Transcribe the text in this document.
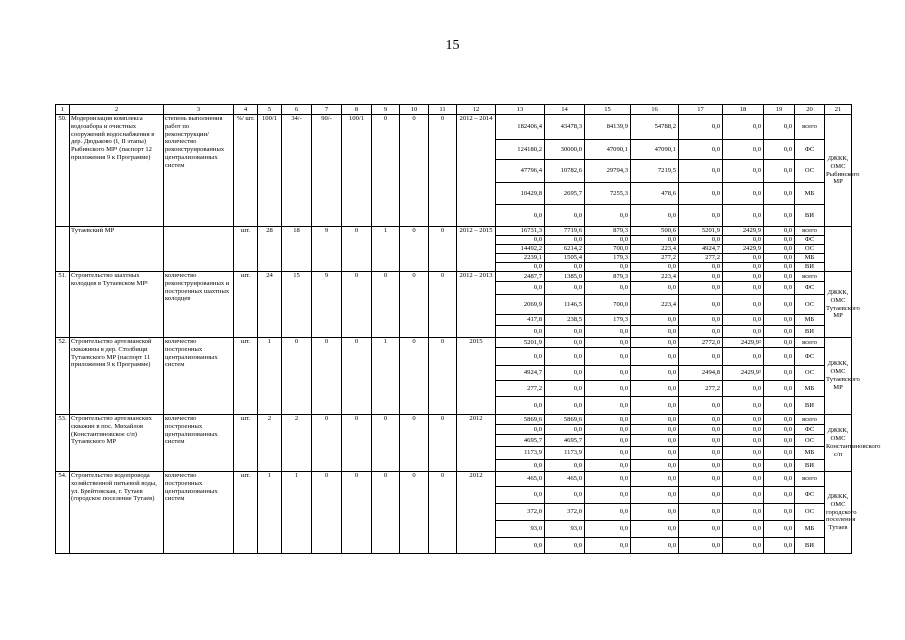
15
1	2	3	4	5	6	7	8	9	10	11	12	13	14	15	16	17	18	19	20	21
50.	Модернизация комплекса водозабора и очистных сооружений водоснабжения в дер. Дюдьково (I, II этапы) Рыбинского МР¹ (паспорт 12 приложения 9 к Программе)	степень выполнения работ по реконструкции/ количество реконструированных централизованных систем	%/ шт.	100/1	34/-	90/-	100/1	0	0	0	2012 – 2014	182406,4	43478,3	84139,9	54788,2	0,0	0,0	0,0	всего	ДЖКК, ОМС Рыбинского МР
												124180,2	30000,0	47090,1	47090,1	0,0	0,0	0,0	ФС	
												47796,4	10782,6	29794,3	7219,5	0,0	0,0	0,0	ОС	
												10429,8	2695,7	7255,3	478,6	0,0	0,0	0,0	МБ	
												0,0	0,0	0,0	0,0	0,0	0,0	0,0	ВИ	
	Тутаевский МР		шт.	28	18	9	0	1	0	0	2012 – 2015	16731,3	7719,6	879,3	500,6	5201,9	2429,9	0,0	всего	
												0,0	0,0	0,0	0,0	0,0	0,0	0,0	ФС	
												14492,2	6214,2	700,0	223,4	4924,7	2429,9	0,0	ОС	
												2239,1	1505,4	179,3	277,2	277,2	0,0	0,0	МБ	
												0,0	0,0	0,0	0,0	0,0	0,0	0,0	ВИ	
51.	Строительство шахтных колодцев в Тутаевском МР¹	количество реконструированных и построенных шахтных колодцев	шт.	24	15	9	0	0	0	0	2012 – 2013	2487,7	1385,0	879,3	223,4	0,0	0,0	0,0	всего	ДЖКК, ОМС Тутаевского МР
												0,0	0,0	0,0	0,0	0,0	0,0	0,0	ФС	
												2069,9	1146,5	700,0	223,4	0,0	0,0	0,0	ОС	
												417,8	238,5	179,3	0,0	0,0	0,0	0,0	МБ	
												0,0	0,0	0,0	0,0	0,0	0,0	0,0	ВИ	
52.	Строительство артезианской скважины в дер. Столбищи Тутаевского МР (паспорт 11 приложения 9 к Программе)	количество построенных централизованных систем	шт.	1	0	0	0	1	0	0	2015	5201,9	0,0	0,0	0,0	2772,0	2429,9²	0,0	всего	ДЖКК, ОМС Тутаевского МР
												0,0	0,0	0,0	0,0	0,0	0,0	0,0	ФС	
												4924,7	0,0	0,0	0,0	2494,8	2429,9²	0,0	ОС	
												277,2	0,0	0,0	0,0	277,2	0,0	0,0	МБ	
												0,0	0,0	0,0	0,0	0,0	0,0	0,0	ВИ	
53.	Строительство артезианских скважин в пос. Михайлов (Константиновское с/п) Тутаевского МР	количество построенных централизованных систем	шт.	2	2	0	0	0	0	0	2012	5869,6	5869,6	0,0	0,0	0,0	0,0	0,0	всего	ДЖКК, ОМС Константиновского с/п
												0,0	0,0	0,0	0,0	0,0	0,0	0,0	ФС	
												4695,7	4695,7	0,0	0,0	0,0	0,0	0,0	ОС	
												1173,9	1173,9	0,0	0,0	0,0	0,0	0,0	МБ	
												0,0	0,0	0,0	0,0	0,0	0,0	0,0	ВИ	
54.	Строительство водопровода хозяйственной питьевой воды, ул. Брейтовская, г. Тутаев (городское поселение Тутаев)	количество построенных централизованных систем	шт.	1	1	0	0	0	0	0	2012	465,0	465,0	0,0	0,0	0,0	0,0	0,0	всего	ДЖКК, ОМС городского поселения Тутаев
												0,0	0,0	0,0	0,0	0,0	0,0	0,0	ФС	
												372,0	372,0	0,0	0,0	0,0	0,0	0,0	ОС	
												93,0	93,0	0,0	0,0	0,0	0,0	0,0	МБ	
												0,0	0,0	0,0	0,0	0,0	0,0	0,0	ВИ	
